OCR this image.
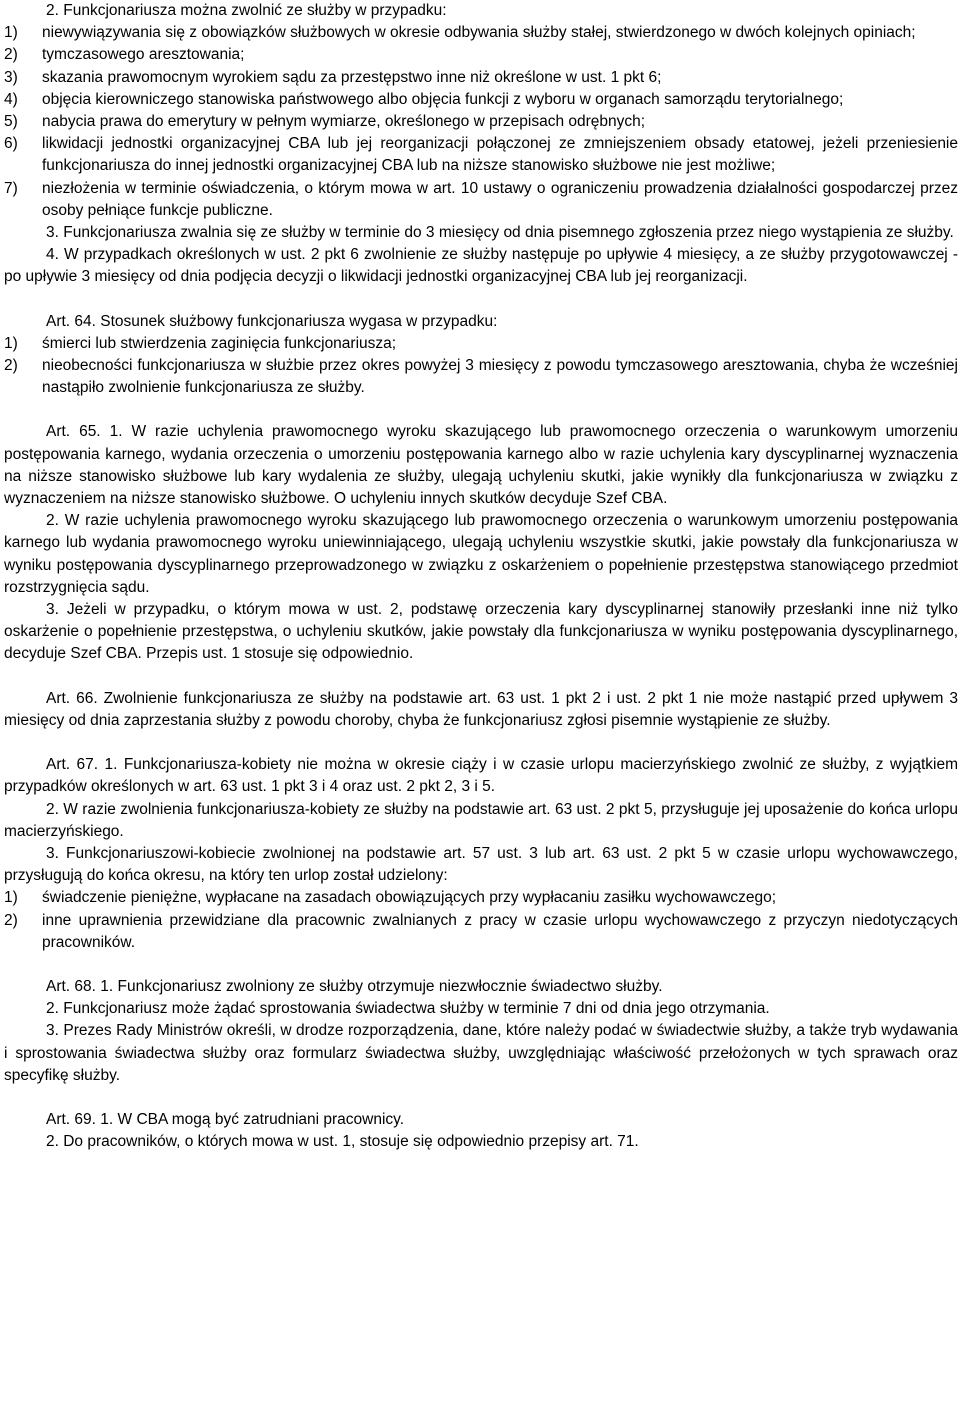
2. Funkcjonariusza można zwolnić ze służby w przypadku:

1)	niewywiązywania się z obowiązków służbowych w okresie odbywania służby stałej, stwierdzonego w dwóch kolejnych opiniach;
2)	tymczasowego aresztowania;
3)	skazania prawomocnym wyrokiem sądu za przestępstwo inne niż określone w ust. 1 pkt 6;
4)	objęcia kierowniczego stanowiska państwowego albo objęcia funkcji z wyboru w organach samorządu terytorialnego;
5)	nabycia prawa do emerytury w pełnym wymiarze, określonego w przepisach odrębnych;
6)	likwidacji jednostki organizacyjnej CBA lub jej reorganizacji połączonej ze zmniejszeniem obsady etatowej, jeżeli przeniesienie funkcjonariusza do innej jednostki organizacyjnej CBA lub na niższe stanowisko służbowe nie jest możliwe;
7)	niezłożenia w terminie oświadczenia, o którym mowa w art. 10 ustawy o ograniczeniu prowadzenia działalności gospodarczej przez osoby pełniące funkcje publiczne.

3. Funkcjonariusza zwalnia się ze służby w terminie do 3 miesięcy od dnia pisemnego zgłoszenia przez niego wystąpienia ze służby.

4. W przypadkach określonych w ust. 2 pkt 6 zwolnienie ze służby następuje po upływie 4 miesięcy, a ze służby przygotowawczej - po upływie 3 miesięcy od dnia podjęcia decyzji o likwidacji jednostki organizacyjnej CBA lub jej reorganizacji.

Art. 64. Stosunek służbowy funkcjonariusza wygasa w przypadku:

1)	śmierci lub stwierdzenia zaginięcia funkcjonariusza;
2)	nieobecności funkcjonariusza w służbie przez okres powyżej 3 miesięcy z powodu tymczasowego aresztowania, chyba że wcześniej nastąpiło zwolnienie funkcjonariusza ze służby.

Art. 65. 1. W razie uchylenia prawomocnego wyroku skazującego lub prawomocnego orzeczenia o warunkowym umorzeniu postępowania karnego, wydania orzeczenia o umorzeniu postępowania karnego albo w razie uchylenia kary dyscyplinarnej wyznaczenia na niższe stanowisko służbowe lub kary wydalenia ze służby, ulegają uchyleniu skutki, jakie wynikły dla funkcjonariusza w związku z wyznaczeniem na niższe stanowisko służbowe. O uchyleniu innych skutków decyduje Szef CBA.

2. W razie uchylenia prawomocnego wyroku skazującego lub prawomocnego orzeczenia o warunkowym umorzeniu postępowania karnego lub wydania prawomocnego wyroku uniewinniającego, ulegają uchyleniu wszystkie skutki, jakie powstały dla funkcjonariusza w wyniku postępowania dyscyplinarnego przeprowadzonego w związku z oskarżeniem o popełnienie przestępstwa stanowiącego przedmiot rozstrzygnięcia sądu.

3. Jeżeli w przypadku, o którym mowa w ust. 2, podstawę orzeczenia kary dyscyplinarnej stanowiły przesłanki inne niż tylko oskarżenie o popełnienie przestępstwa, o uchyleniu skutków, jakie powstały dla funkcjonariusza w wyniku postępowania dyscyplinarnego, decyduje Szef CBA. Przepis ust. 1 stosuje się odpowiednio.

Art. 66. Zwolnienie funkcjonariusza ze służby na podstawie art. 63 ust. 1 pkt 2 i ust. 2 pkt 1 nie może nastąpić przed upływem 3 miesięcy od dnia zaprzestania służby z powodu choroby, chyba że funkcjonariusz zgłosi pisemnie wystąpienie ze służby.

Art. 67. 1. Funkcjonariusza-kobiety nie można w okresie ciąży i w czasie urlopu macierzyńskiego zwolnić ze służby, z wyjątkiem przypadków określonych w art. 63 ust. 1 pkt 3 i 4 oraz ust. 2 pkt 2, 3 i 5.

2. W razie zwolnienia funkcjonariusza-kobiety ze służby na podstawie art. 63 ust. 2 pkt 5, przysługuje jej uposażenie do końca urlopu macierzyńskiego.

3. Funkcjonariuszowi-kobiecie zwolnionej na podstawie art. 57 ust. 3 lub art. 63 ust. 2 pkt 5 w czasie urlopu wychowawczego, przysługują do końca okresu, na który ten urlop został udzielony:

1)	świadczenie pieniężne, wypłacane na zasadach obowiązujących przy wypłacaniu zasiłku wychowawczego;
2)	inne uprawnienia przewidziane dla pracownic zwalnianych z pracy w czasie urlopu wychowawczego z przyczyn niedotyczących pracowników.

Art. 68. 1. Funkcjonariusz zwolniony ze służby otrzymuje niezwłocznie świadectwo służby.

2. Funkcjonariusz może żądać sprostowania świadectwa służby w terminie 7 dni od dnia jego otrzymania.

3. Prezes Rady Ministrów określi, w drodze rozporządzenia, dane, które należy podać w świadectwie służby, a także tryb wydawania i sprostowania świadectwa służby oraz formularz świadectwa służby, uwzględniając właściwość przełożonych w tych sprawach oraz specyfikę służby.

Art. 69. 1. W CBA mogą być zatrudniani pracownicy.

2. Do pracowników, o których mowa w ust. 1, stosuje się odpowiednio przepisy art. 71.
